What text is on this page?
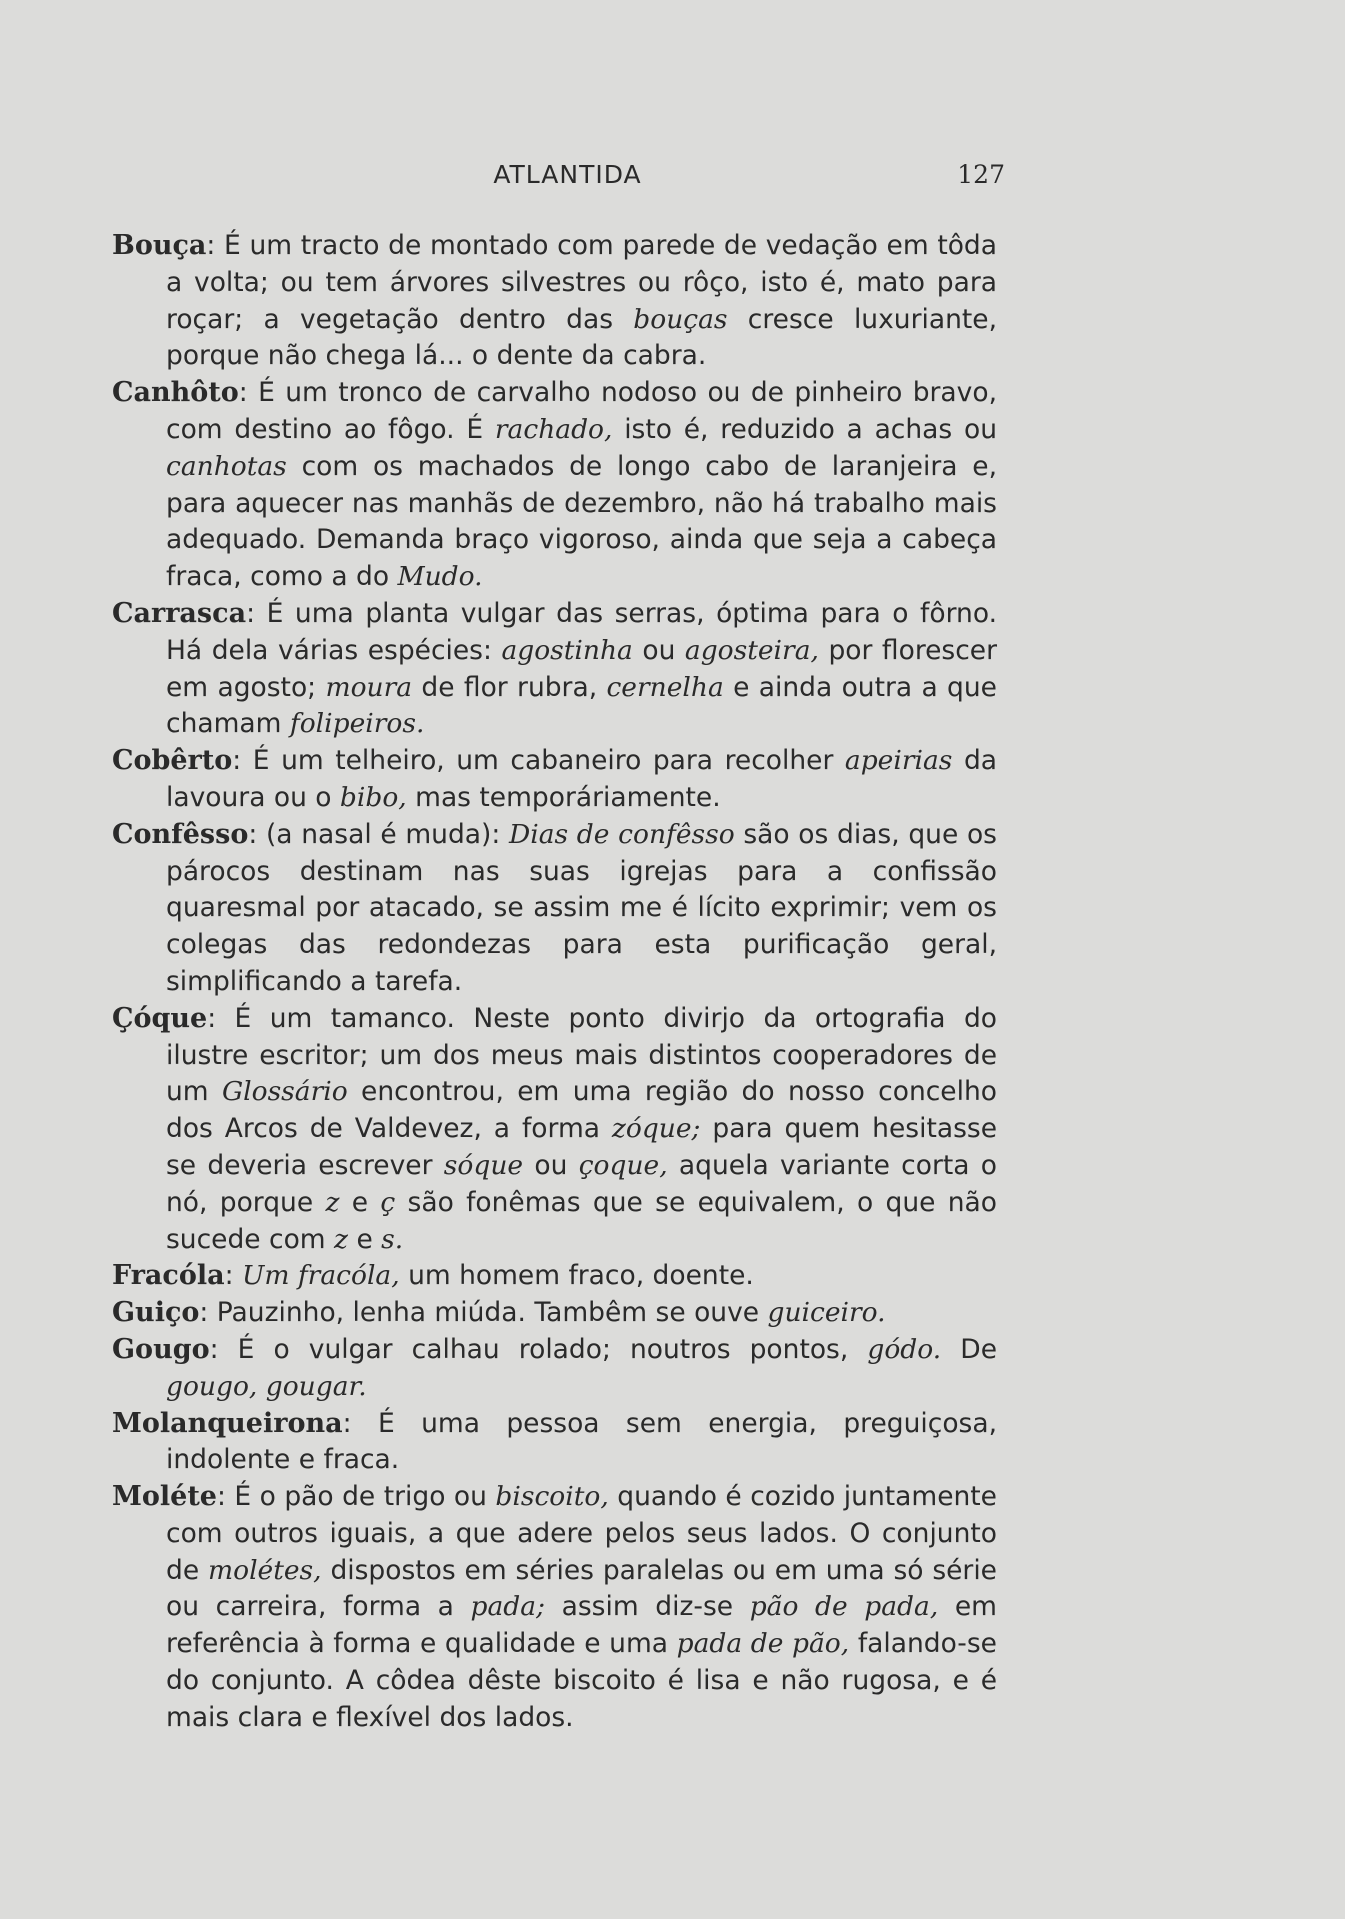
ATLANTIDA	127

Bouça: É um tracto de montado com parede de vedação em tôda a volta; ou tem árvores silvestres ou rôço, isto é, mato para roçar; a vegetação dentro das bouças cresce luxuriante, porque não chega lá... o dente da cabra.

Canhôto: É um tronco de carvalho nodoso ou de pinheiro bravo, com destino ao fôgo. É rachado, isto é, reduzido a achas ou canhotas com os machados de longo cabo de laranjeira e, para aquecer nas manhãs de dezembro, não há trabalho mais adequado. Demanda braço vigoroso, ainda que seja a cabeça fraca, como a do Mudo.

Carrasca: É uma planta vulgar das serras, óptima para o fôrno. Há dela várias espécies: agostinha ou agosteira, por florescer em agosto; moura de flor rubra, cernelha e ainda outra a que chamam folipeiros.

Cobêrto: É um telheiro, um cabaneiro para recolher apeirias da lavoura ou o bibo, mas temporáriamente.

Confêsso: (a nasal é muda): Dias de confêsso são os dias, que os párocos destinam nas suas igrejas para a confissão quaresmal por atacado, se assim me é lícito exprimir; vem os colegas das redondezas para esta purificação geral, simplificando a tarefa.

Çóque: É um tamanco. Neste ponto divirjo da ortografia do ilustre escritor; um dos meus mais distintos cooperadores de um Glossário encontrou, em uma região do nosso concelho dos Arcos de Valdevez, a forma zóque; para quem hesitasse se deveria escrever sóque ou çoque, aquela variante corta o nó, porque z e ç são fonêmas que se equivalem, o que não sucede com z e s.

Fracóla: Um fracóla, um homem fraco, doente.

Guiço: Pauzinho, lenha miúda. Tambêm se ouve guiceiro.

Gougo: É o vulgar calhau rolado; noutros pontos, gódo. De gougo, gougar.

Molanqueirona: É uma pessoa sem energia, preguiçosa, indolente e fraca.

Moléte: É o pão de trigo ou biscoito, quando é cozido juntamente com outros iguais, a que adere pelos seus lados. O conjunto de molétes, dispostos em séries paralelas ou em uma só série ou carreira, forma a pada; assim diz-se pão de pada, em referência à forma e qualidade e uma pada de pão, falando-se do conjunto. A côdea dêste biscoito é lisa e não rugosa, e é mais clara e flexível dos lados.
